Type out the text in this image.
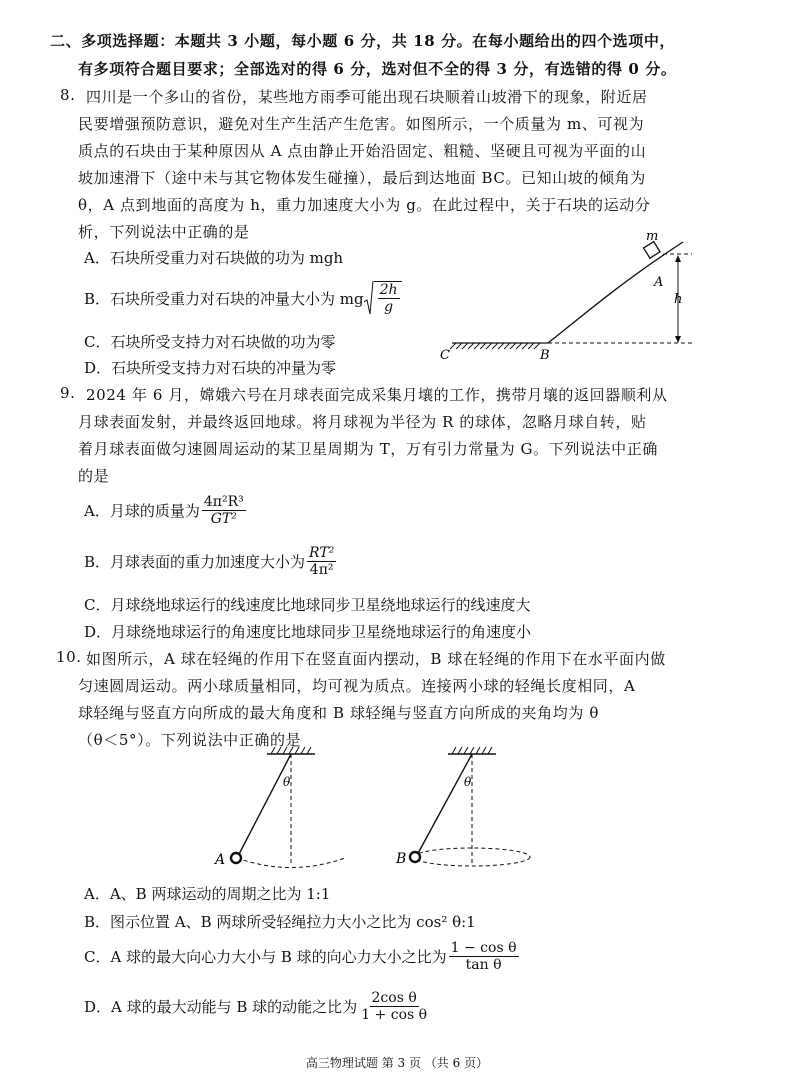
二、多项选择题：本题共 3 小题，每小题 6 分，共 18 分。在每小题给出的四个选项中，
有多项符合题目要求；全部选对的得 6 分，选对但不全的得 3 分，有选错的得 0 分。
8. 四川是一个多山的省份，某些地方雨季可能出现石块顺着山坡滑下的现象，附近居
民要增强预防意识，避免对生产生活产生危害。如图所示，一个质量为 m、可视为
质点的石块由于某种原因从 A 点由静止开始沿固定、粗糙、坚硬且可视为平面的山
坡加速滑下（途中未与其它物体发生碰撞），最后到达地面 BC。已知山坡的倾角为
θ，A 点到地面的高度为 h，重力加速度大小为 g。在此过程中，关于石块的运动分
析，下列说法中正确的是
A．石块所受重力对石块做的功为 mgh
B．石块所受重力对石块的冲量大小为 mg $\frac{2h}{g}$
C．石块所受支持力对石块做的功为零
D．石块所受支持力对石块的冲量为零
m
A
h
B
C
9. 2024 年 6 月，嫦娥六号在月球表面完成采集月壤的工作，携带月壤的返回器顺利从
月球表面发射，并最终返回地球。将月球视为半径为 R 的球体，忽略月球自转，贴
着月球表面做匀速圆周运动的某卫星周期为 T，万有引力常量为 G。下列说法中正确
的是
A．月球的质量为 $\frac{\text{4π²R³}}{\text{GT²}}$
B．月球表面的重力加速度大小为 $\frac{\text{RT²}}{\text{4π²}}$
C．月球绕地球运行的线速度比地球同步卫星绕地球运行的线速度大
D．月球绕地球运行的角速度比地球同步卫星绕地球运行的角速度小
10. 如图所示，A 球在轻绳的作用下在竖直面内摆动，B 球在轻绳的作用下在水平面内做
匀速圆周运动。两小球质量相同，均可视为质点。连接两小球的轻绳长度相同，A
球轻绳与竖直方向所成的最大角度和 B 球轻绳与竖直方向所成的夹角均为 θ
（θ＜5°）。下列说法中正确的是
θ
A
θ
B
A．A、B 两球运动的周期之比为 1:1
B．图示位置 A、B 两球所受轻绳拉力大小之比为 cos² θ:1
C．A 球的最大向心力大小与 B 球的向心力大小之比为 $\frac{\text{1 − cos θ}}{\text{tan θ}}$
D．A 球的最大动能与 B 球的动能之比为 $\frac{\text{2cos θ}}{\text{1 + cos θ}}$
高三物理试题 第 3 页 （共 6 页）
